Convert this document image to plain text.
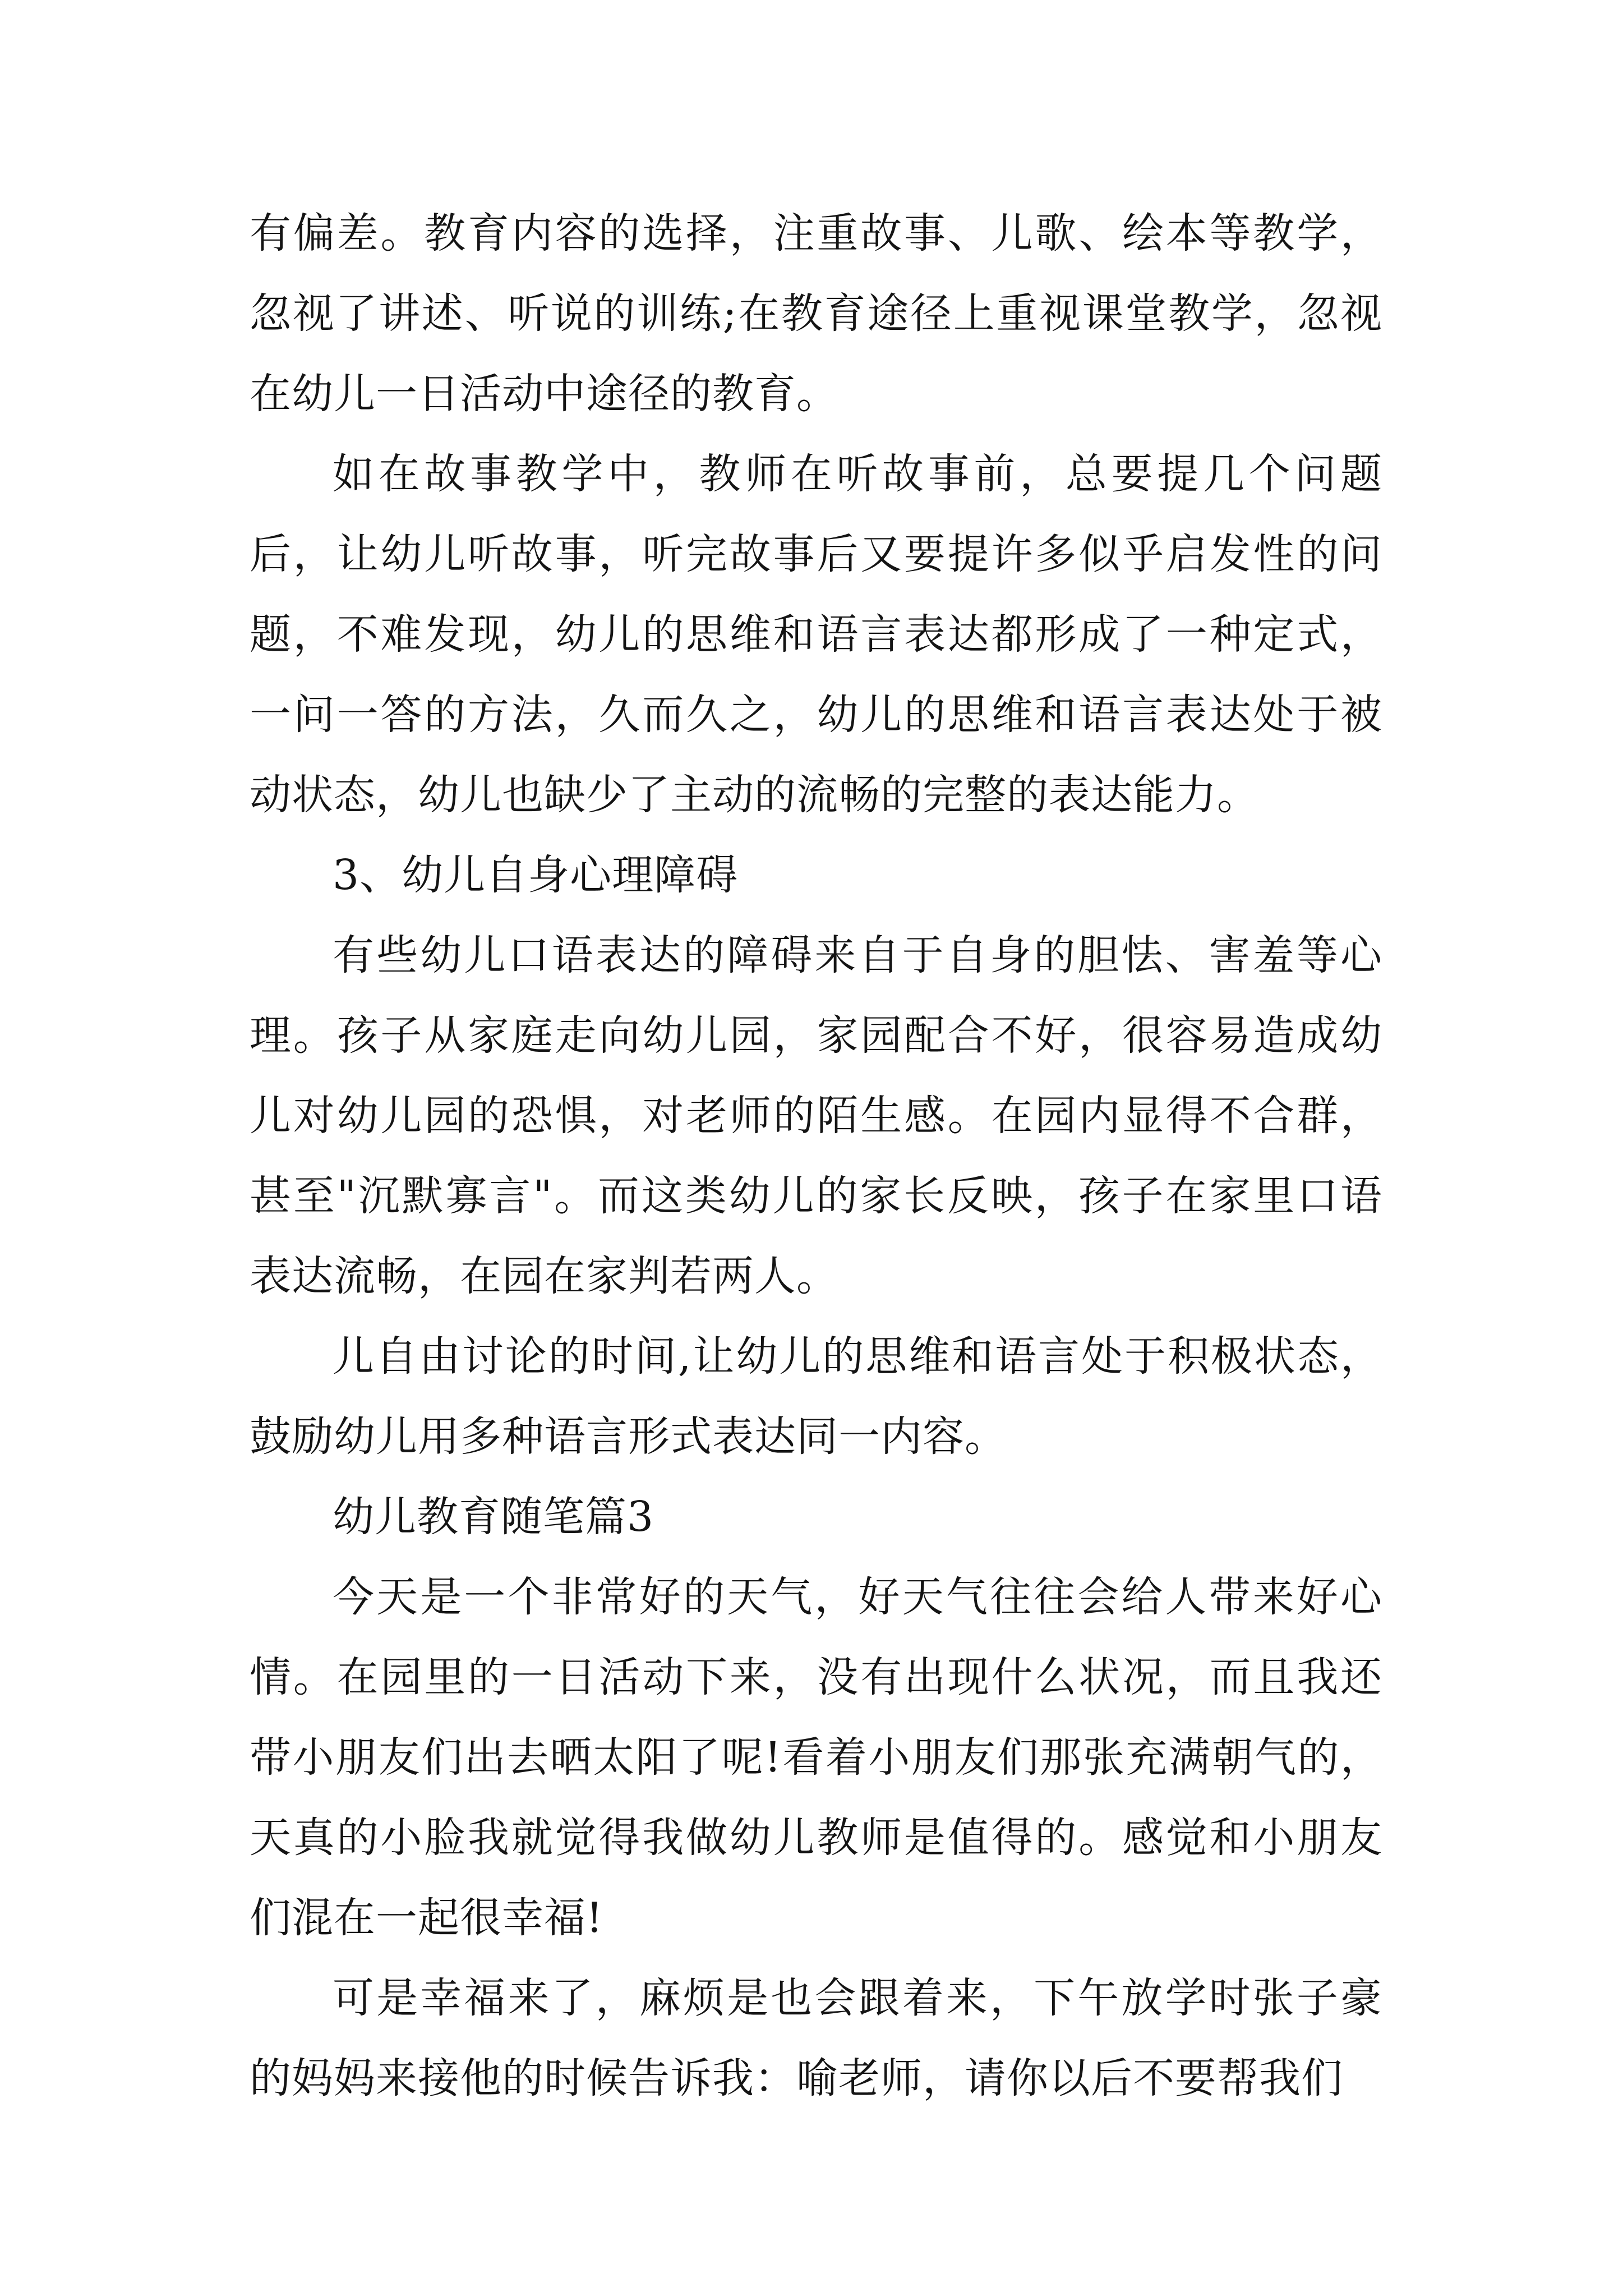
有偏差。教育内容的选择，注重故事、儿歌、绘本等教学，忽视了讲述、听说的训练;在教育途径上重视课堂教学，忽视在幼儿一日活动中途径的教育。

如在故事教学中，教师在听故事前，总要提几个问题后，让幼儿听故事，听完故事后又要提许多似乎启发性的问题，不难发现，幼儿的思维和语言表达都形成了一种定式，一问一答的方法，久而久之，幼儿的思维和语言表达处于被动状态，幼儿也缺少了主动的流畅的完整的表达能力。

3、幼儿自身心理障碍

有些幼儿口语表达的障碍来自于自身的胆怯、害羞等心理。孩子从家庭走向幼儿园，家园配合不好，很容易造成幼儿对幼儿园的恐惧，对老师的陌生感。在园内显得不合群，甚至"沉默寡言"。而这类幼儿的家长反映，孩子在家里口语表达流畅，在园在家判若两人。

儿自由讨论的时间,让幼儿的思维和语言处于积极状态，鼓励幼儿用多种语言形式表达同一内容。

幼儿教育随笔篇3

今天是一个非常好的天气，好天气往往会给人带来好心情。在园里的一日活动下来，没有出现什么状况，而且我还带小朋友们出去晒太阳了呢!看着小朋友们那张充满朝气的，天真的小脸我就觉得我做幼儿教师是值得的。感觉和小朋友们混在一起很幸福!

可是幸福来了，麻烦是也会跟着来，下午放学时张子豪的妈妈来接他的时候告诉我：喻老师，请你以后不要帮我们
